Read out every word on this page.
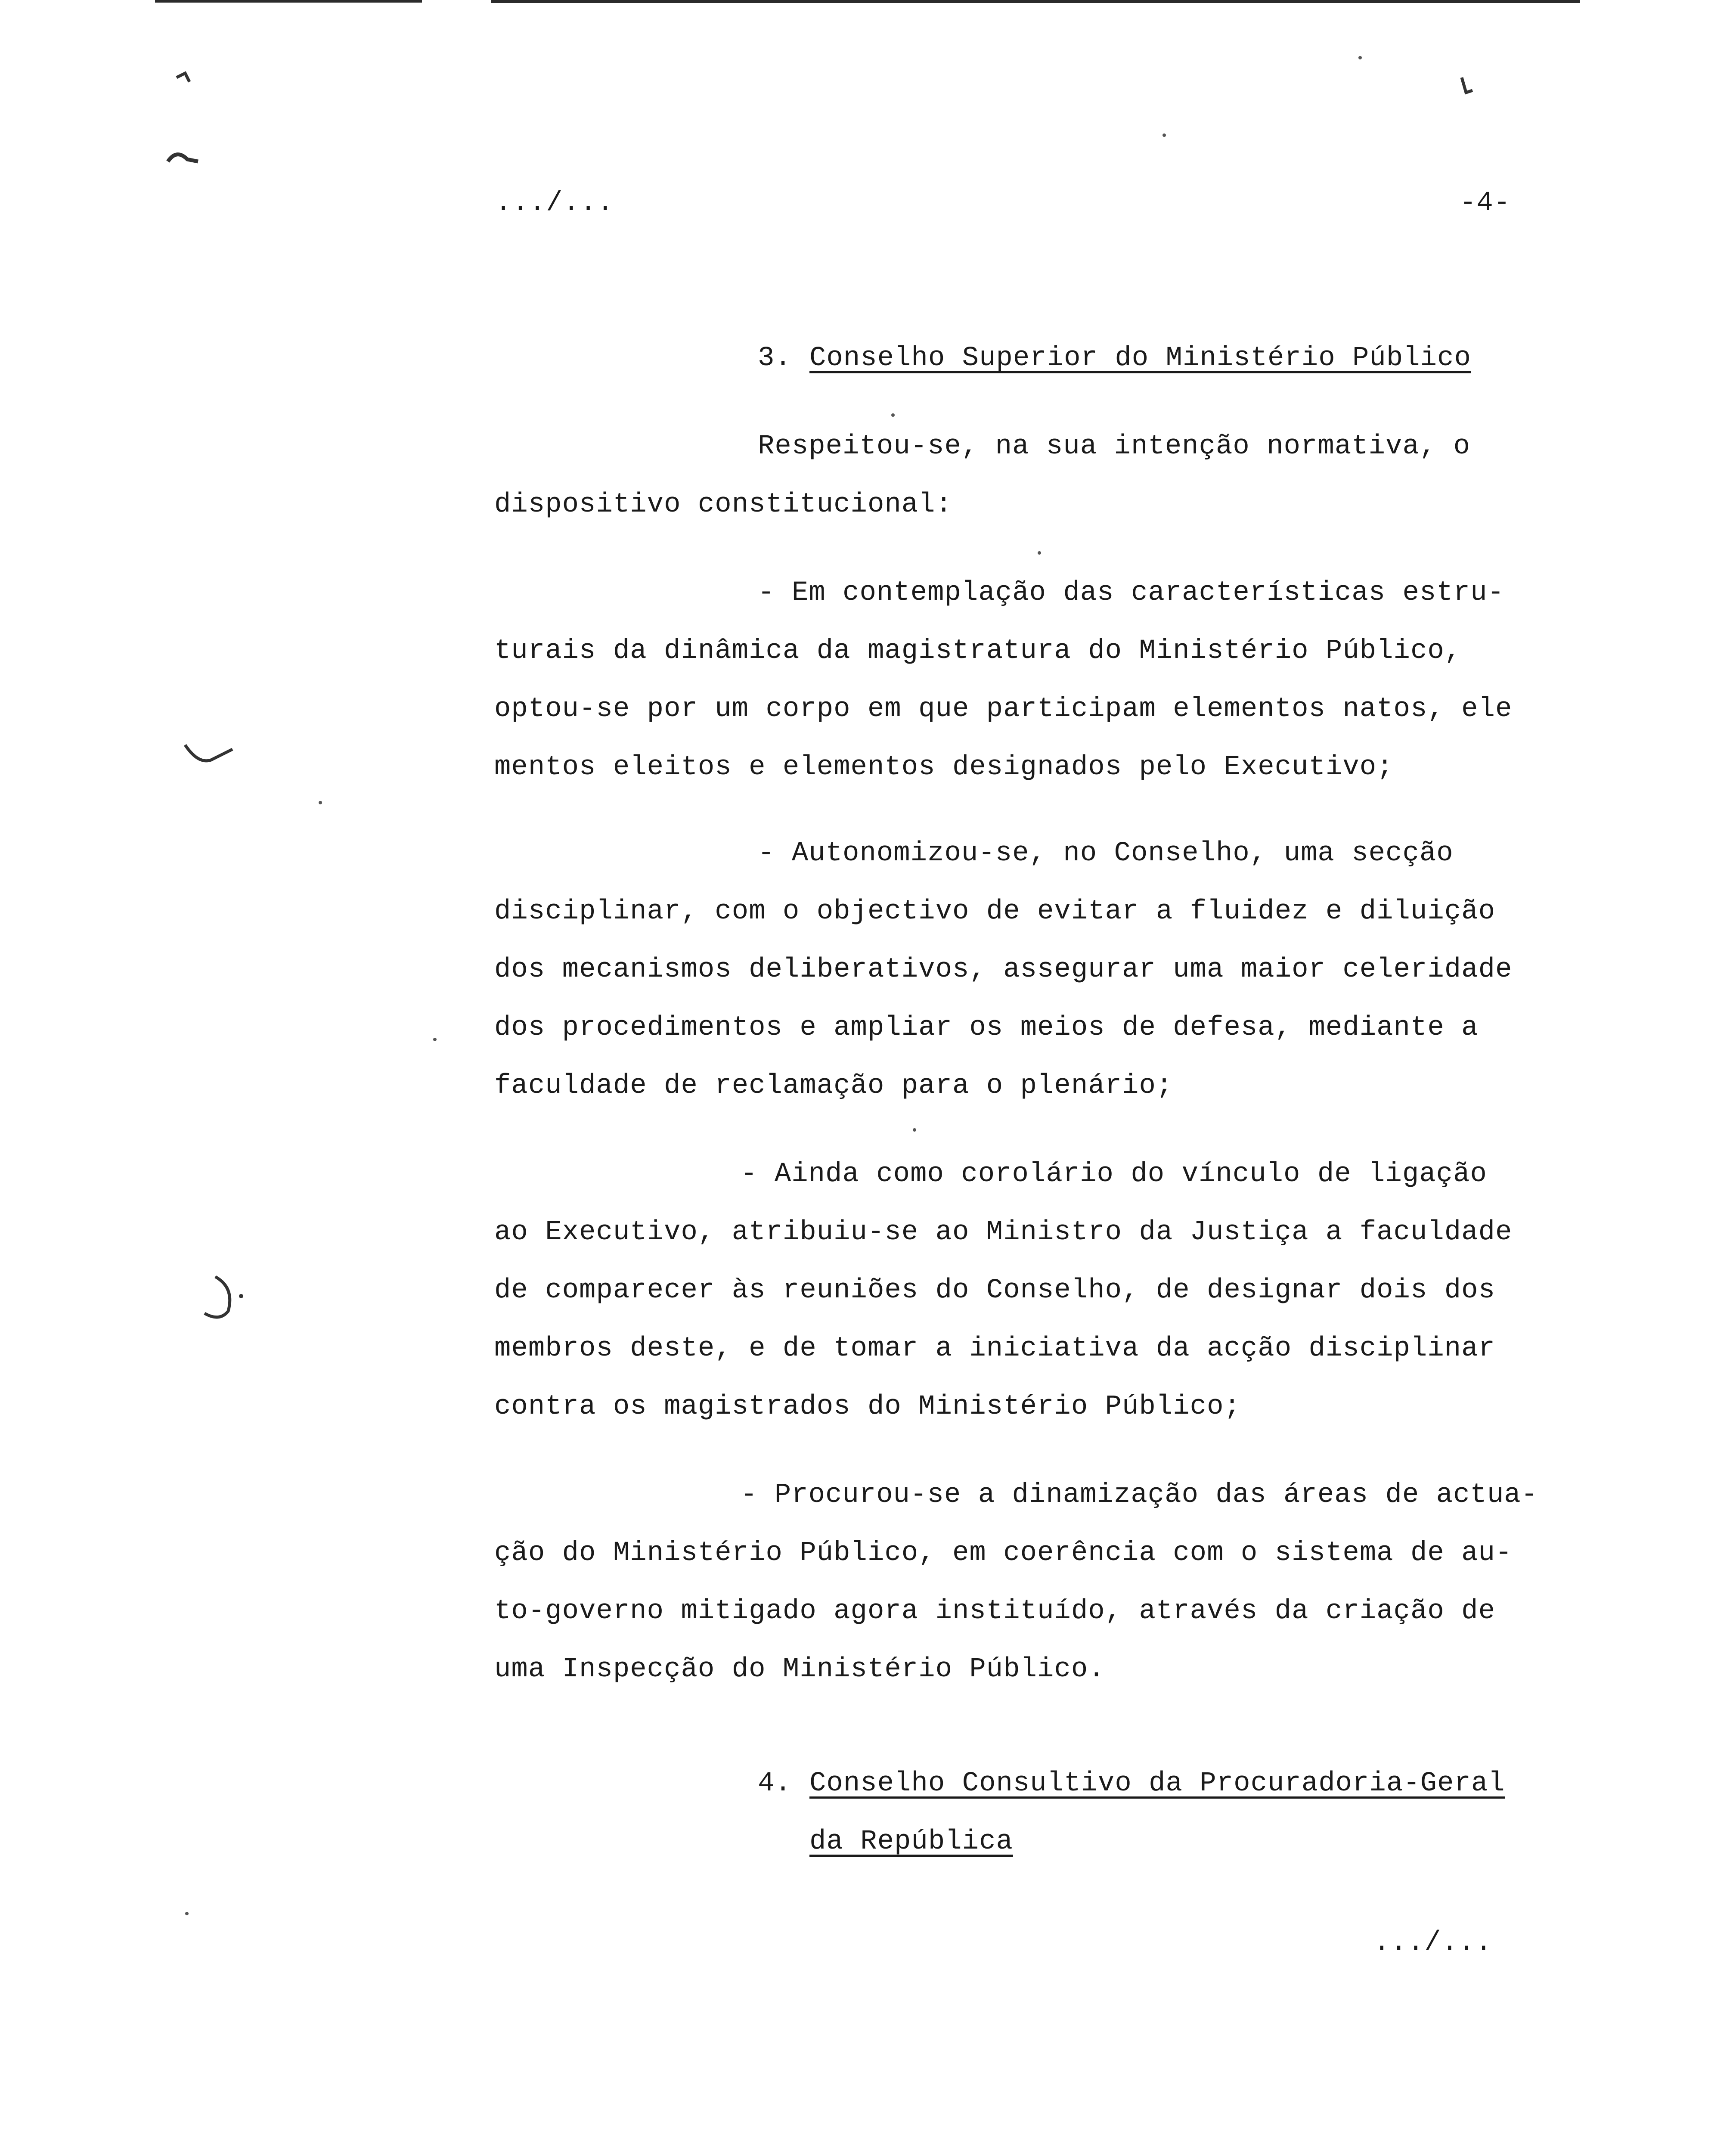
.../...	-4-
3. Conselho Superior do Ministério Público
Respeitou-se, na sua intenção normativa, o
dispositivo constitucional:
- Em contemplação das características estru-
turais da dinâmica da magistratura do Ministério Público,
optou-se por um corpo em que participam elementos natos, ele
mentos eleitos e elementos designados pelo Executivo;
- Autonomizou-se, no Conselho, uma secção
disciplinar, com o objectivo de evitar a fluidez e diluição
dos mecanismos deliberativos, assegurar uma maior celeridade
dos procedimentos e ampliar os meios de defesa, mediante a
faculdade de reclamação para o plenário;
- Ainda como corolário do vínculo de ligação
ao Executivo, atribuiu-se ao Ministro da Justiça a faculdade
de comparecer às reuniões do Conselho, de designar dois dos
membros deste, e de tomar a iniciativa da acção disciplinar
contra os magistrados do Ministério Público;
- Procurou-se a dinamização das áreas de actua-
ção do Ministério Público, em coerência com o sistema de au-
to-governo mitigado agora instituído, através da criação de
uma Inspecção do Ministério Público.
4. Conselho Consultivo da Procuradoria-Geral
da República
.../...
